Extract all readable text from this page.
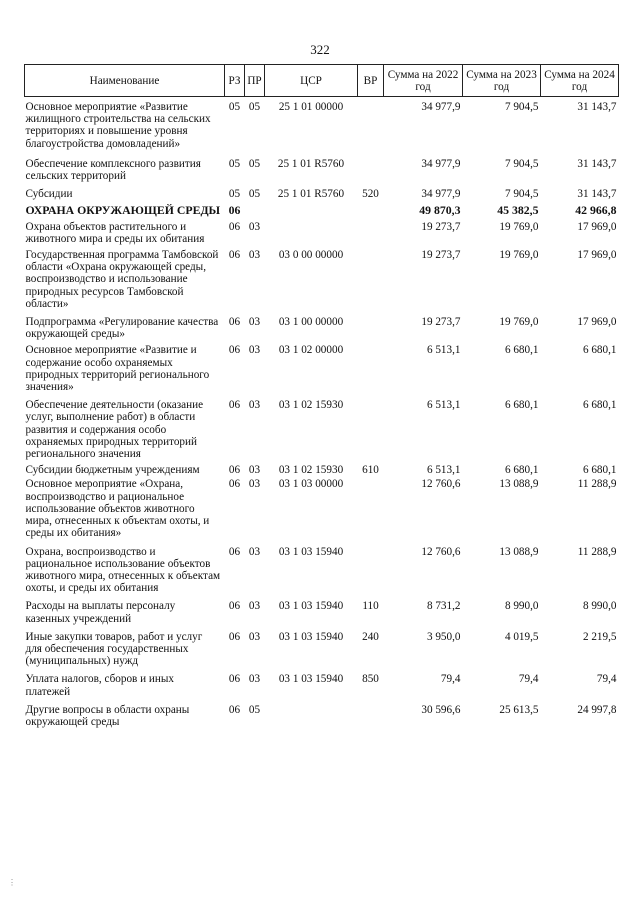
322
Наименование	РЗ	ПР	ЦСР	ВР	Сумма на 2022 год	Сумма на 2023 год	Сумма на 2024 год
Основное мероприятие «Развитие жилищного строительства на сельских территориях и повышение уровня благоустройства домовладений»	05	05	25 1 01 00000		34 977,9	7 904,5	31 143,7
Обеспечение комплексного развития сельских территорий	05	05	25 1 01 R5760		34 977,9	7 904,5	31 143,7
Субсидии	05	05	25 1 01 R5760	520	34 977,9	7 904,5	31 143,7
ОХРАНА ОКРУЖАЮЩЕЙ СРЕДЫ	06				49 870,3	45 382,5	42 966,8
Охрана объектов растительного и животного мира и среды их обитания	06	03			19 273,7	19 769,0	17 969,0
Государственная программа Тамбовской области «Охрана окружающей среды, воспроизводство и использование природных ресурсов Тамбовской области»	06	03	03 0 00 00000		19 273,7	19 769,0	17 969,0
Подпрограмма «Регулирование качества окружающей среды»	06	03	03 1 00 00000		19 273,7	19 769,0	17 969,0
Основное мероприятие «Развитие и содержание особо охраняемых природных территорий регионального значения»	06	03	03 1 02 00000		6 513,1	6 680,1	6 680,1
Обеспечение деятельности (оказание услуг, выполнение работ) в области развития и содержания особо охраняемых природных территорий регионального значения	06	03	03 1 02 15930		6 513,1	6 680,1	6 680,1
Субсидии бюджетным учреждениям	06	03	03 1 02 15930	610	6 513,1	6 680,1	6 680,1
Основное мероприятие «Охрана, воспроизводство и рациональное использование объектов животного мира, отнесенных к объектам охоты, и среды их обитания»	06	03	03 1 03 00000		12 760,6	13 088,9	11 288,9
Охрана, воспроизводство и рациональное использование объектов животного мира, отнесенных к объектам охоты, и среды их обитания	06	03	03 1 03 15940		12 760,6	13 088,9	11 288,9
Расходы на выплаты персоналу казенных учреждений	06	03	03 1 03 15940	110	8 731,2	8 990,0	8 990,0
Иные закупки товаров, работ и услуг для обеспечения государственных (муниципальных) нужд	06	03	03 1 03 15940	240	3 950,0	4 019,5	2 219,5
Уплата налогов, сборов и иных платежей	06	03	03 1 03 15940	850	79,4	79,4	79,4
Другие вопросы в области охраны окружающей среды	06	05			30 596,6	25 613,5	24 997,8
⋮
